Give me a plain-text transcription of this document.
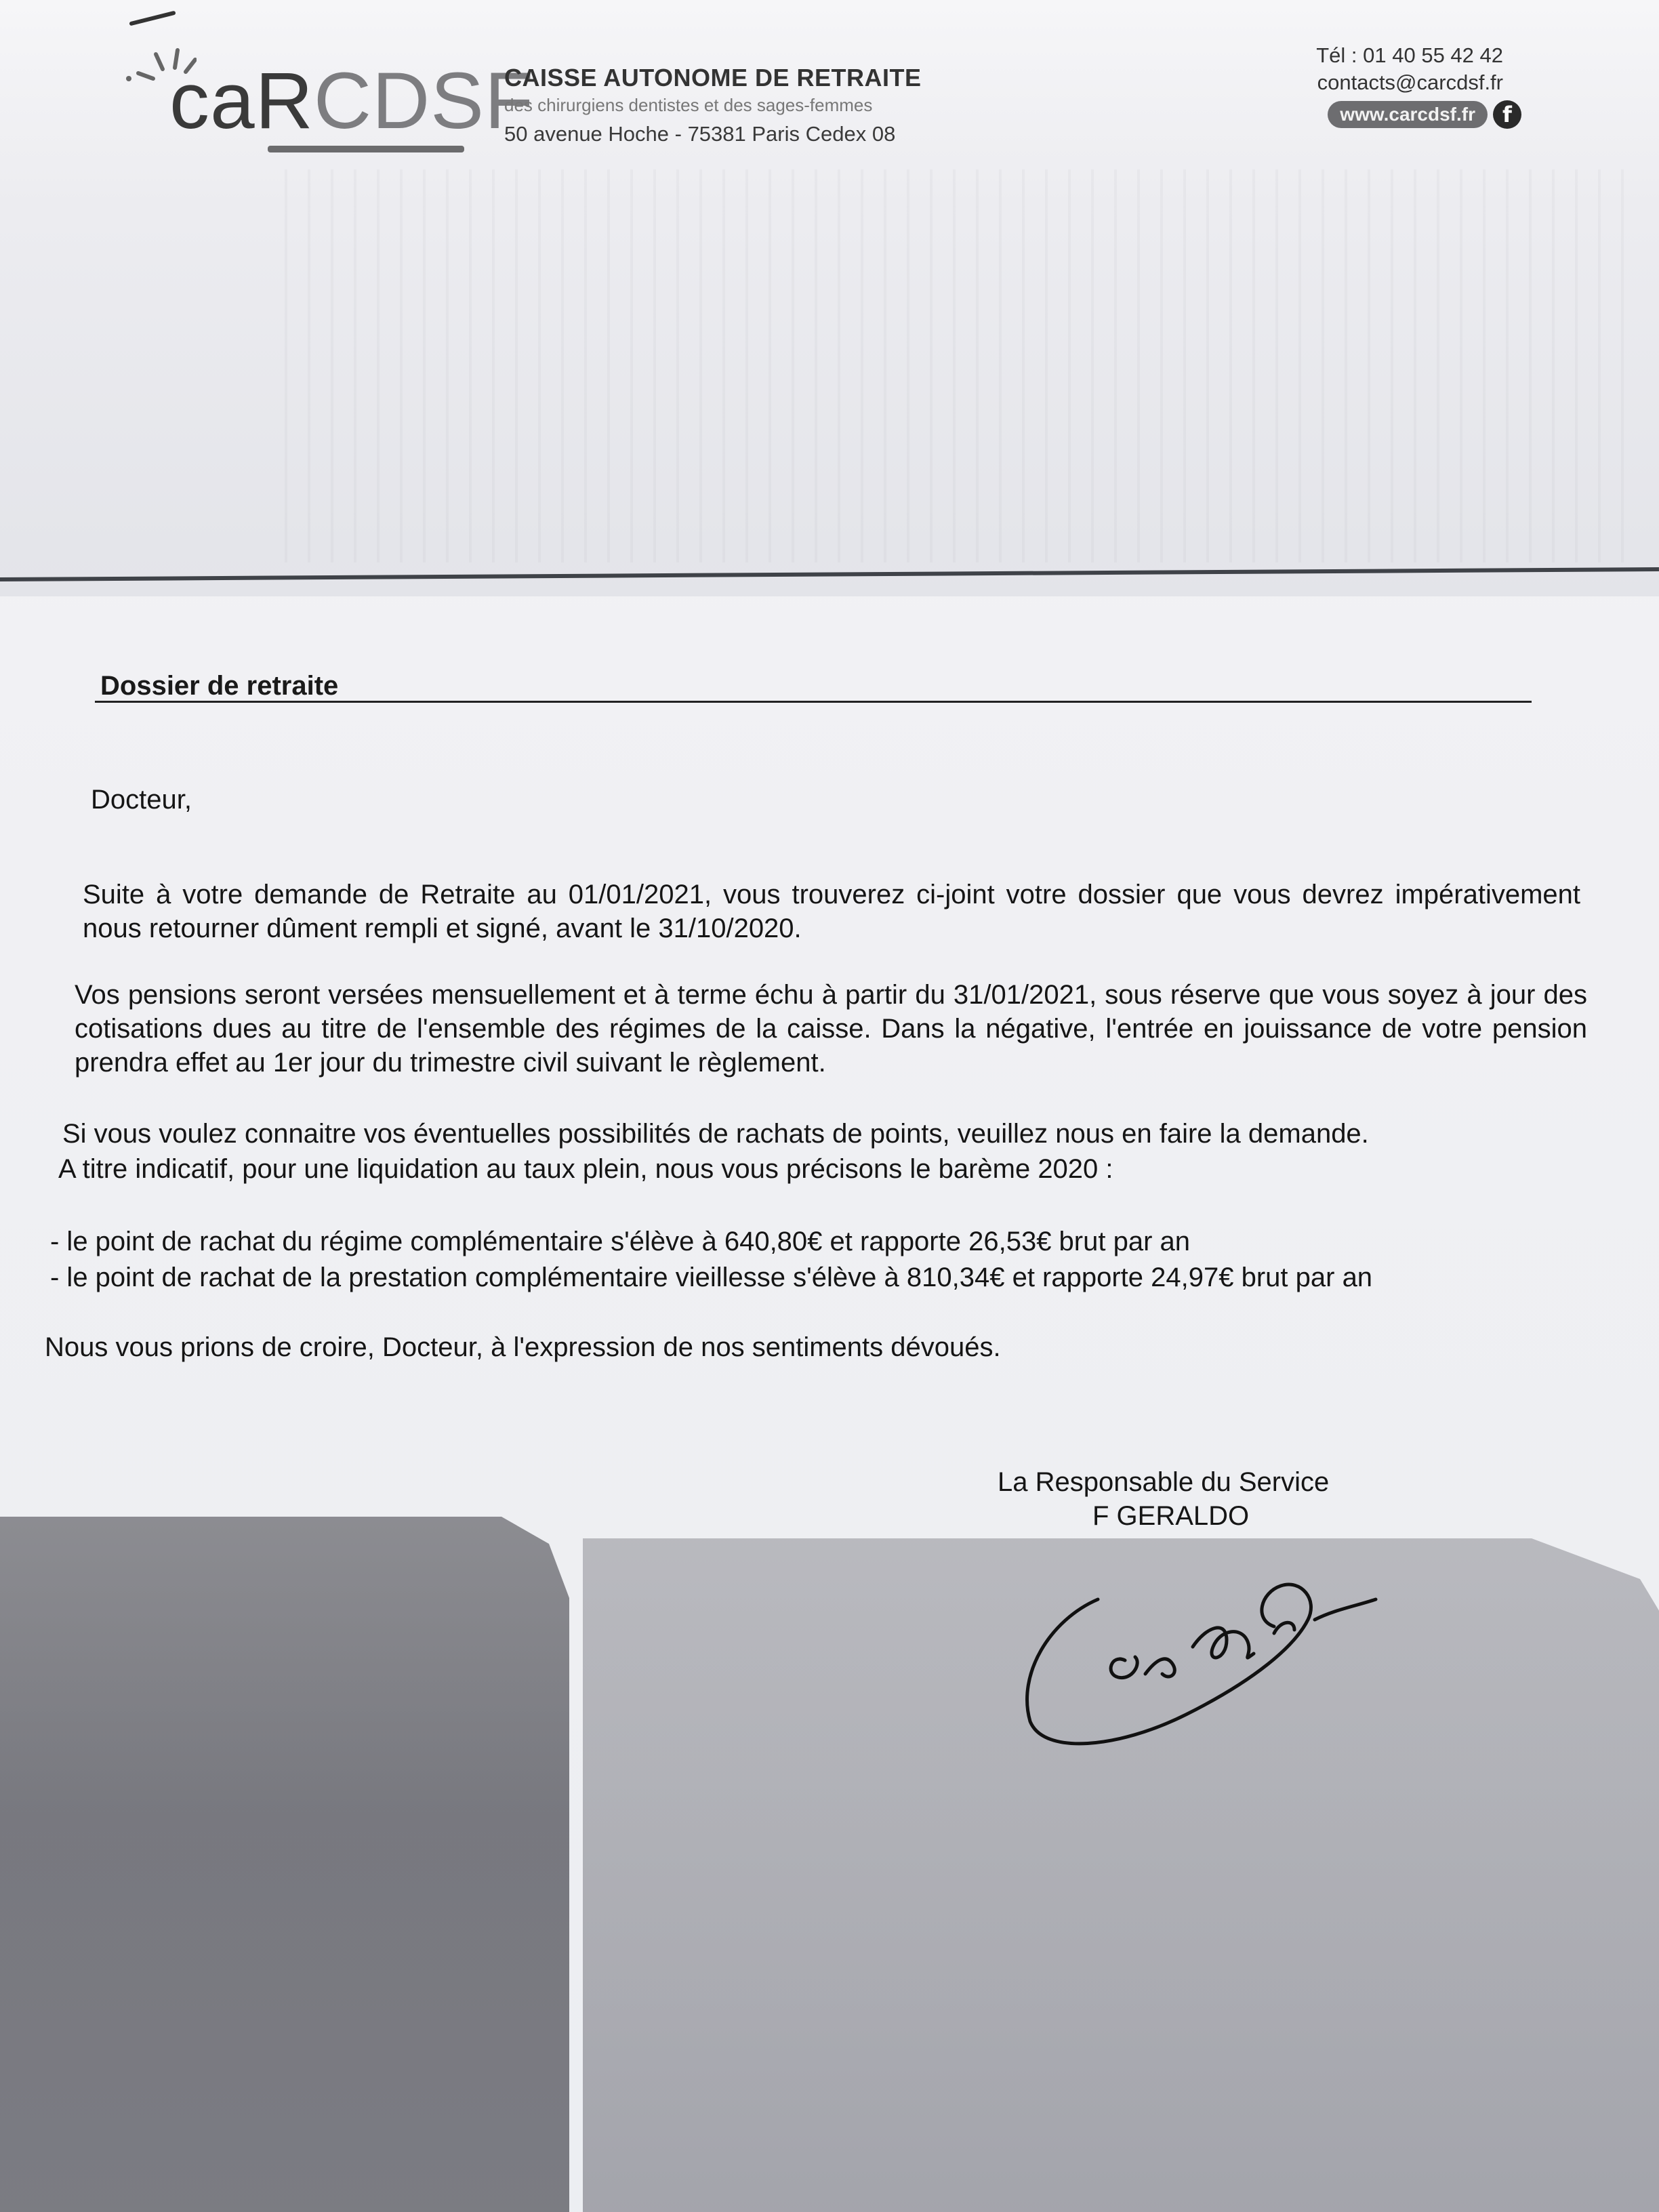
caRCDSF
CAISSE AUTONOME DE RETRAITE
des chirurgiens dentistes et des sages-femmes
50 avenue Hoche - 75381 Paris Cedex 08
Tél : 01 40 55 42 42
contacts@carcdsf.fr
www.carcdsf.fr	f
Dossier de retraite
Docteur,
Suite à votre demande de Retraite au 01/01/2021, vous trouverez ci-joint votre dossier que vous devrez impérativement nous retourner dûment rempli et signé, avant le 31/10/2020.
Vos pensions seront versées mensuellement et à terme échu à partir du 31/01/2021, sous réserve que vous soyez à jour des cotisations dues au titre de l'ensemble des régimes de la caisse. Dans la négative, l'entrée en jouissance de votre pension prendra effet au 1er jour du trimestre civil suivant le règlement.
Si vous voulez connaitre vos éventuelles possibilités de rachats de points, veuillez nous en faire la demande.
A titre indicatif, pour une liquidation au taux plein, nous vous précisons le barème 2020 :
- le point de rachat du régime complémentaire s'élève à 640,80€ et rapporte 26,53€ brut par an
- le point de rachat de la prestation complémentaire vieillesse s'élève à 810,34€ et rapporte 24,97€ brut par an
Nous vous prions de croire, Docteur, à l'expression de nos sentiments dévoués.
La Responsable du Service
F GERALDO
